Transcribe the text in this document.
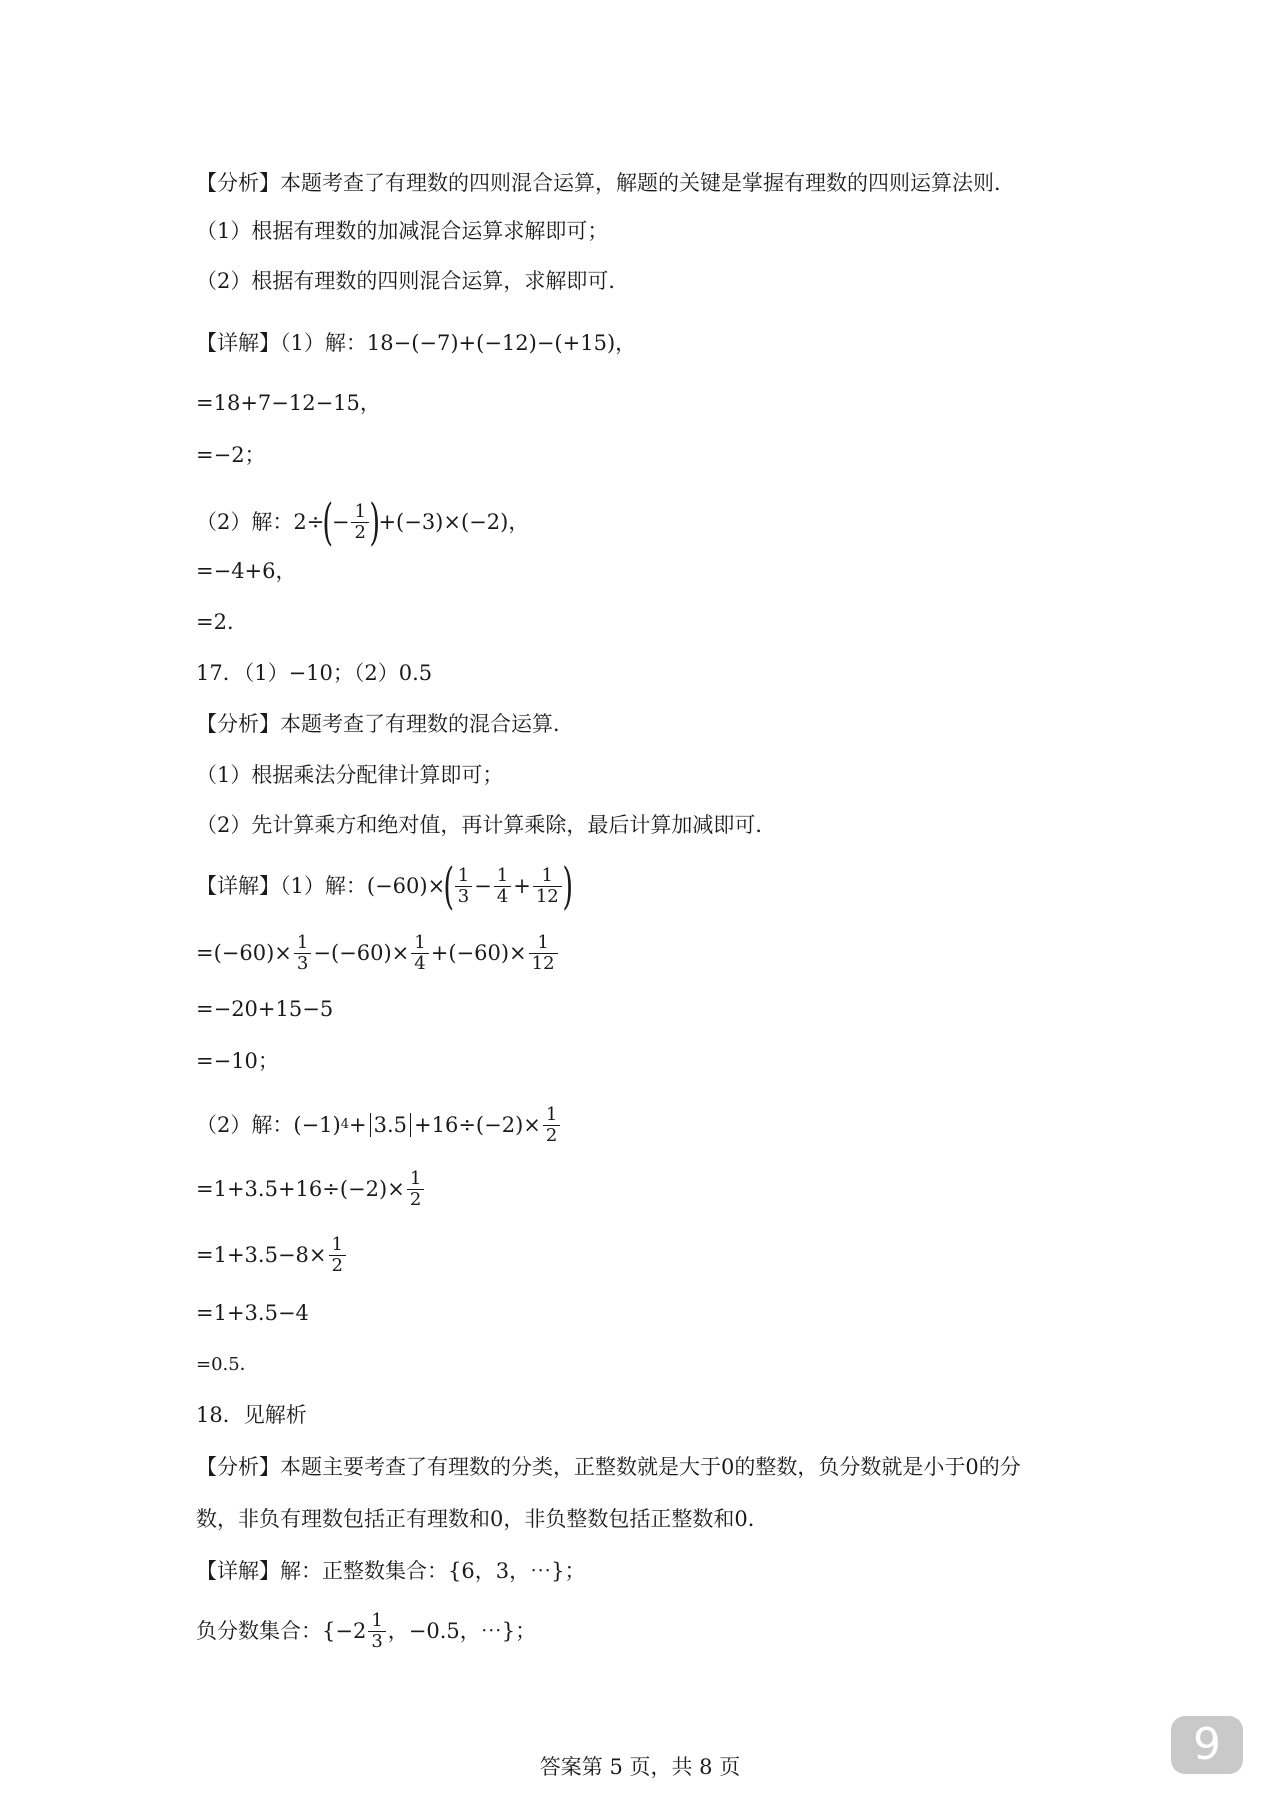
【分析】本题考查了有理数的四则混合运算，解题的关键是掌握有理数的四则运算法则．
（1）根据有理数的加减混合运算求解即可；
（2）根据有理数的四则混合运算，求解即可．
【详解】（1）解： 18−(−7)+(−12)−(+15)，
=18+7−12−15，
=−2；
（2）解： 2÷
(
− $\frac{1}{2}$ )
+(−3)×(−2)，
=−4+6，
=2．
17．（1）−10；（2）0.5
【分析】本题考查了有理数的混合运算．
（1）根据乘法分配律计算即可；
（2）先计算乘方和绝对值，再计算乘除，最后计算加减即可．
【详解】（1）解： (−60)×
( $\frac{1}{3} - \frac{1}{4} + \frac{1}{12}$ )
$=(-60)\times \frac{1}{3} -(-60)\times \frac{1}{4} +(-60)\times \frac{1}{12}$
=−20+15−5
=−10；
（2）解： (−1) $4 + 3.5 +16\div(-2)\times \frac{1}{2}$
$=1+3.5+16\div(-2)\times \frac{1}{2}$
$=1+3.5-8\times \frac{1}{2}$
=1+3.5−4
=0.5．
18．见解析
【分析】本题主要考查了有理数的分类，正整数就是大于0的整数，负分数就是小于0的分
数，非负有理数包括正有理数和0，非负整数包括正整数和0．
【详解】解：正整数集合：{6，3，⋯}；
负分数集合：{$-2 \frac{1}{3}$ ，−0.5，⋯}；
答案第 5 页，共 8 页	9
